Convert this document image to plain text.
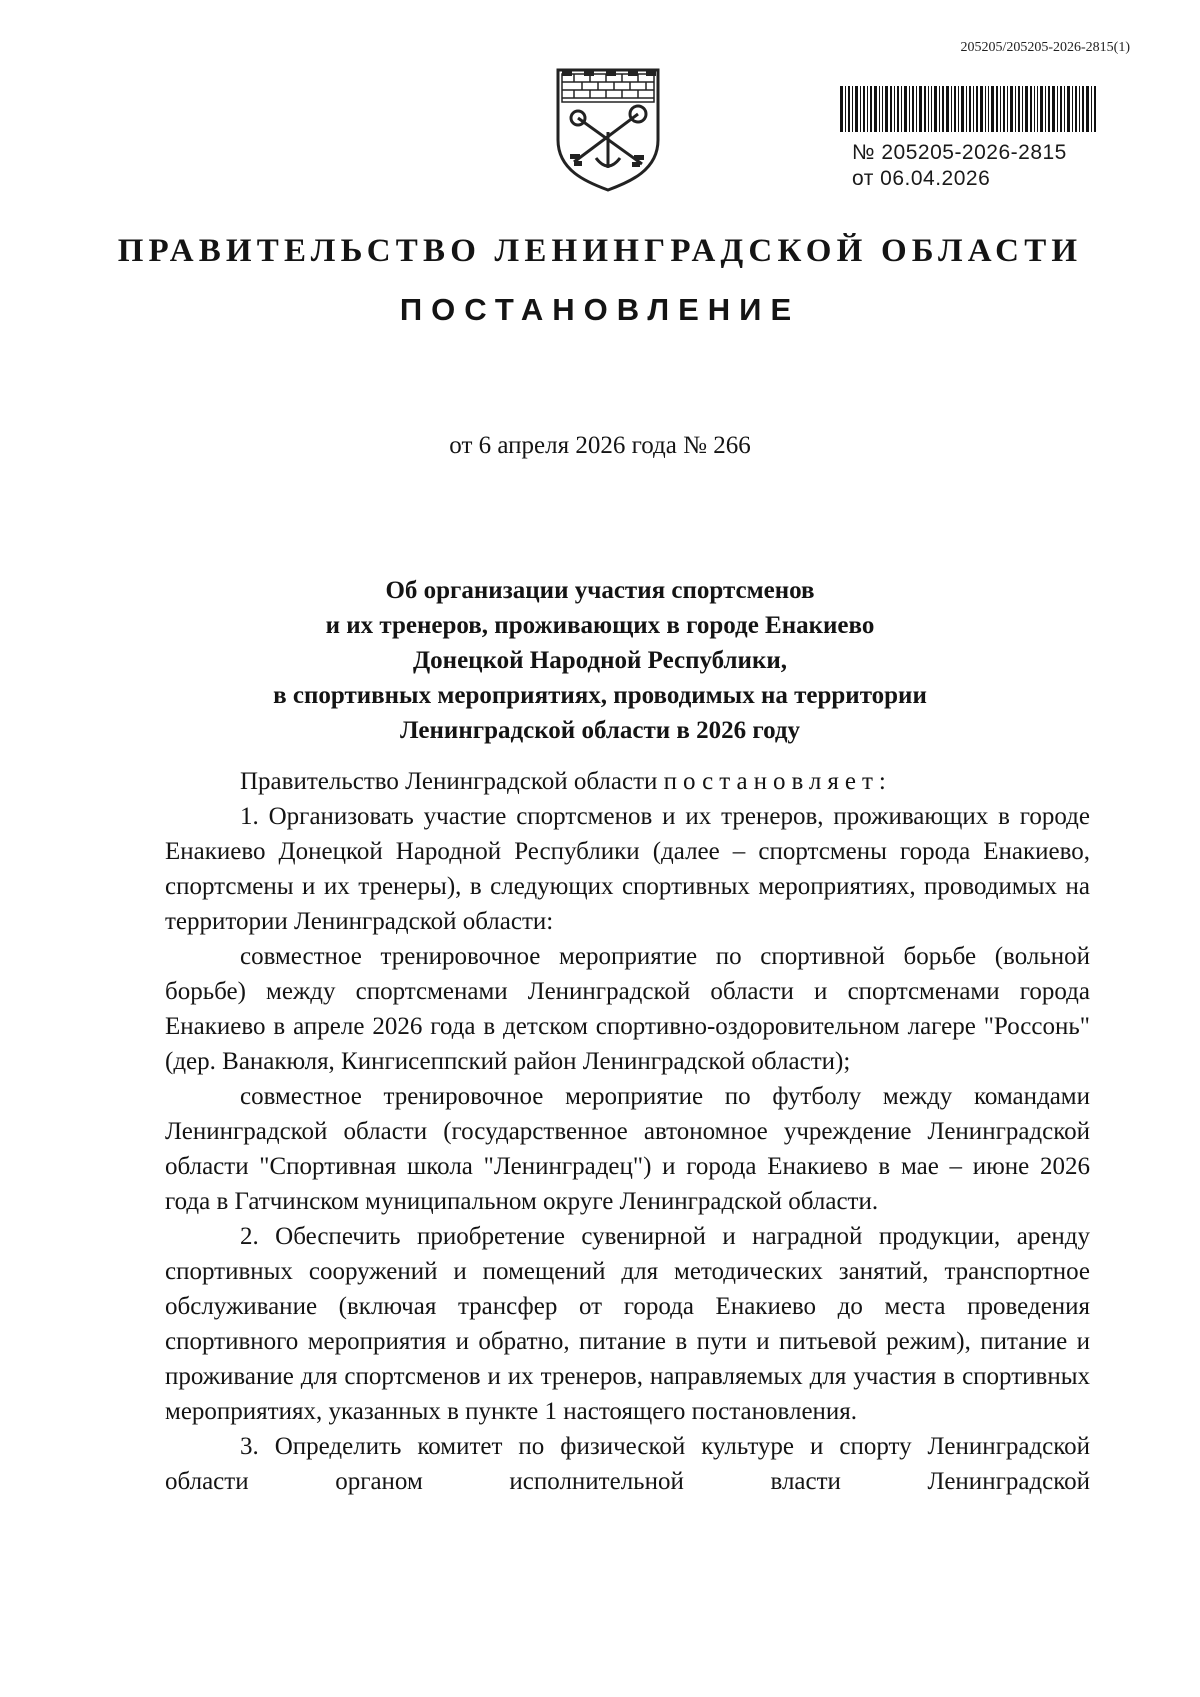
205205/205205-2026-2815(1)
№ 205205-2026-2815
от 06.04.2026
ПРАВИТЕЛЬСТВО ЛЕНИНГРАДСКОЙ ОБЛАСТИ
ПОСТАНОВЛЕНИЕ
от 6 апреля 2026 года № 266
Об организации участия спортсменов
и их тренеров, проживающих в городе Енакиево
Донецкой Народной Республики,
в спортивных мероприятиях, проводимых на территории
Ленинградской области в 2026 году

Правительство Ленинградской области постановляет:

1. Организовать участие спортсменов и их тренеров, проживающих в городе Енакиево Донецкой Народной Республики (далее – спортсмены города Енакиево, спортсмены и их тренеры), в следующих спортивных мероприятиях, проводимых на территории Ленинградской области:

совместное тренировочное мероприятие по спортивной борьбе (вольной борьбе) между спортсменами Ленинградской области и спортсменами города Енакиево в апреле 2026 года в детском спортивно-оздоровительном лагере "Россонь" (дер. Ванакюля, Кингисеппский район Ленинградской области);

совместное тренировочное мероприятие по футболу между командами Ленинградской области (государственное автономное учреждение Ленинградской области "Спортивная школа "Ленинградец") и города Енакиево в мае – июне 2026 года в Гатчинском муниципальном округе Ленинградской области.

2. Обеспечить приобретение сувенирной и наградной продукции, аренду спортивных сооружений и помещений для методических занятий, транспортное обслуживание (включая трансфер от города Енакиево до места проведения спортивного мероприятия и обратно, питание в пути и питьевой режим), питание и проживание для спортсменов и их тренеров, направляемых для участия в спортивных мероприятиях, указанных в пункте 1 настоящего постановления.

3. Определить комитет по физической культуре и спорту Ленинградской области органом исполнительной власти Ленинградской
